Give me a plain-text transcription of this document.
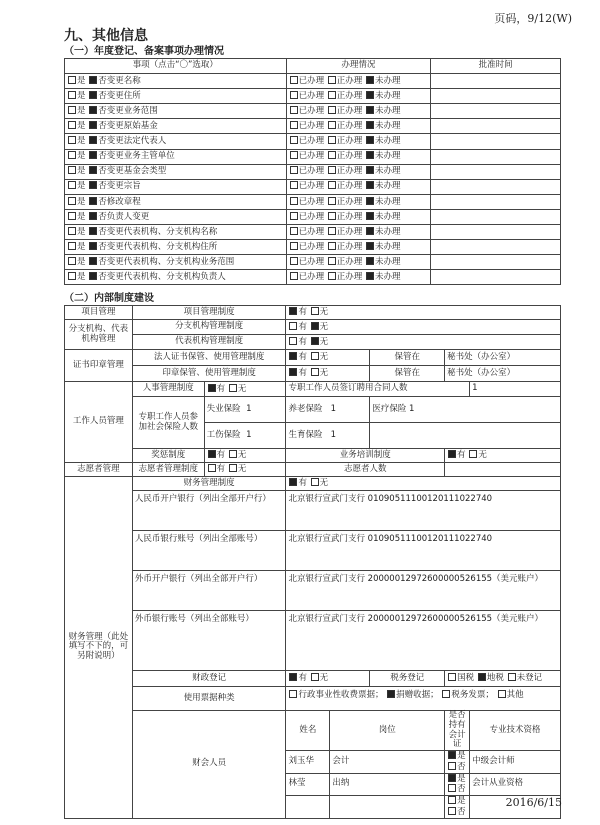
页码，9/12(W)
九、其他信息
（一）年度登记、备案事项办理情况
事项（点击“〇”选取）	办理情况	批准时间
是 否变更名称	已办理 正办理 未办理	
是 否变更住所	已办理 正办理 未办理	
是 否变更业务范围	已办理 正办理 未办理	
是 否变更原始基金	已办理 正办理 未办理	
是 否变更法定代表人	已办理 正办理 未办理	
是 否变更业务主管单位	已办理 正办理 未办理	
是 否变更基金会类型	已办理 正办理 未办理	
是 否变更宗旨	已办理 正办理 未办理	
是 否修改章程	已办理 正办理 未办理	
是 否负责人变更	已办理 正办理 未办理	
是 否变更代表机构、分支机构名称	已办理 正办理 未办理	
是 否变更代表机构、分支机构住所	已办理 正办理 未办理	
是 否变更代表机构、分支机构业务范围	已办理 正办理 未办理	
是 否变更代表机构、分支机构负责人	已办理 正办理 未办理	
（二）内部制度建设
项目管理	项目管理制度		有 无				
分支机构、代表机构管理	分支机构管理制度		有 无				
	代表机构管理制度		有 无				
证书印章管理	法人证书保管、使用管理制度		有 无		保管在	秘书处（办公室）	
	印章保管、使用管理制度		有 无		保管在	秘书处（办公室）	
工作人员管理	人事管理制度	有 无	专职工作人员签订聘用合同人数				1
	专职工作人员参加社会保险人数	失业保险 1	养老保险 1		医疗保险 1		
		工伤保险 1	生育保险 1				
	奖惩制度	有 无	业务培训制度			有 无	
志愿者管理	志愿者管理制度	有 无	志愿者人数				
财务管理（此处填写不下的，可另附说明）	财务管理制度		有 无				
	人民币开户银行（列出全部开户行）		北京银行宣武门支行 01090511100120111022740				
	人民币银行账号（列出全部账号）		北京银行宣武门支行 01090511100120111022740				
	外币开户银行（列出全部开户行）		北京银行宣武门支行 20000012972600000526155（美元账户）				
	外币银行账号（列出全部账号）		北京银行宣武门支行 20000012972600000526155（美元账户）				
	财政登记		有 无		税务登记	国税 地税 未登记	
	使用票据种类		行政事业性收费票据； 捐赠收据； 税务发票； 其他				
	财会人员		姓名	岗位		是否持有会计证	专业技术资格
			刘玉华	会计		是 否	中级会计师
			林莹	出纳		是 否	会计从业资格
						是 否	
2016/6/15
